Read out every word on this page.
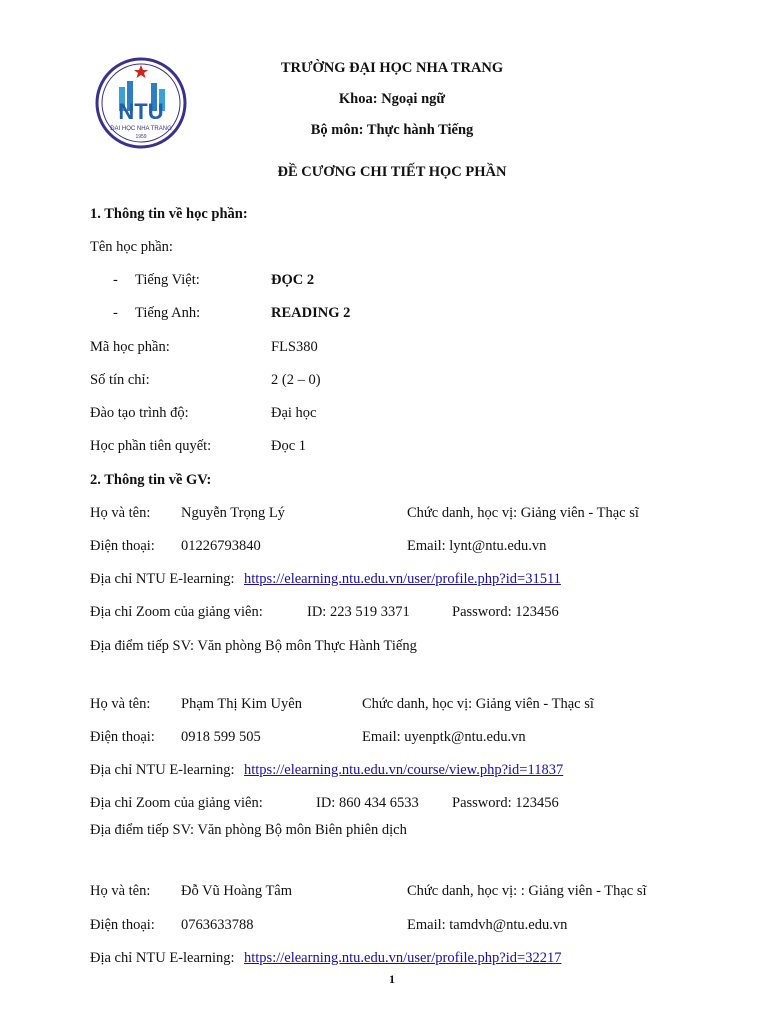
NTU
ĐẠI HỌC NHA TRANG
1959
TRƯỜNG ĐẠI HỌC NHA TRANG
Khoa: Ngoại ngữ
Bộ môn: Thực hành Tiếng
ĐỀ CƯƠNG CHI TIẾT HỌC PHẦN
1. Thông tin về học phần:
Tên học phần:
- Tiếng Việt:	ĐỌC 2
- Tiếng Anh:	READING 2
Mã học phần:	FLS380
Số tín chỉ:	2 (2 – 0)
Đào tạo trình độ:	Đại học
Học phần tiên quyết:	Đọc 1
2. Thông tin về GV:
Họ và tên: Nguyễn Trọng Lý	Chức danh, học vị: Giảng viên - Thạc sĩ
Điện thoại: 01226793840	Email: lynt@ntu.edu.vn
Địa chỉ NTU E-learning: https://elearning.ntu.edu.vn/user/profile.php?id=31511
Địa chỉ Zoom của giảng viên:	ID: 223 519 3371	Password: 123456
Địa điểm tiếp SV: Văn phòng Bộ môn Thực Hành Tiếng
Họ và tên: Phạm Thị Kim Uyên	Chức danh, học vị: Giảng viên - Thạc sĩ
Điện thoại: 0918 599 505	Email: uyenptk@ntu.edu.vn
Địa chỉ NTU E-learning: https://elearning.ntu.edu.vn/course/view.php?id=11837
Địa chỉ Zoom của giảng viên:	ID: 860 434 6533 Password: 123456
Địa điểm tiếp SV: Văn phòng Bộ môn Biên phiên dịch
Họ và tên: Đỗ Vũ Hoàng Tâm	Chức danh, học vị: : Giảng viên - Thạc sĩ
Điện thoại: 0763633788	Email: tamdvh@ntu.edu.vn
Địa chỉ NTU E-learning: https://elearning.ntu.edu.vn/user/profile.php?id=32217
1
